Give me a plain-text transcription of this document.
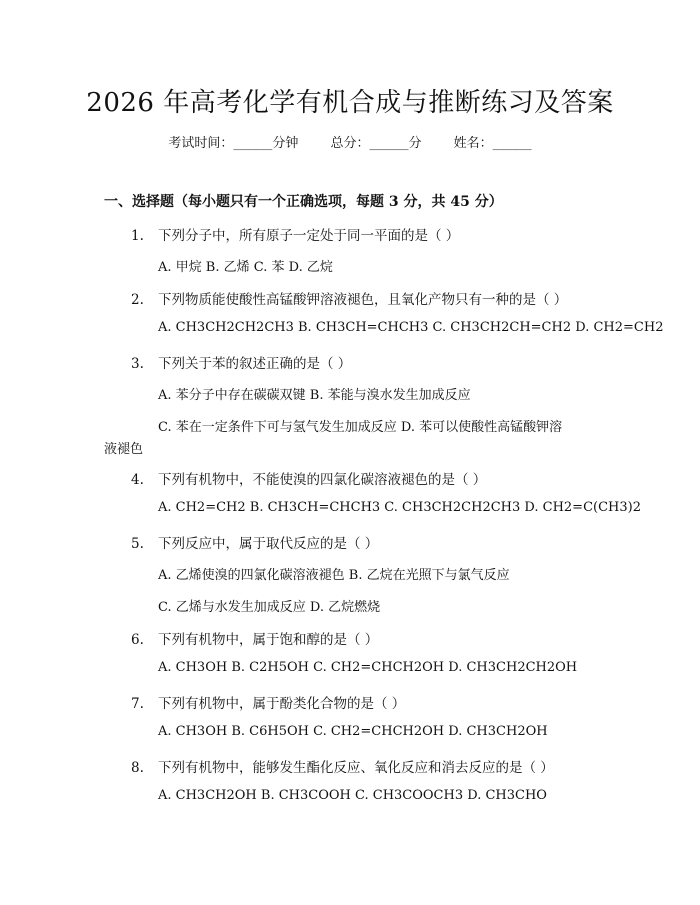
2026 年高考化学有机合成与推断练习及答案
考试时间：______分钟 总分：______分 姓名：______
一、选择题（每小题只有一个正确选项，每题 3 分，共 45 分）
1. 下列分子中，所有原子一定处于同一平面的是（ ）
A. 甲烷 B. 乙烯 C. 苯 D. 乙烷
2. 下列物质能使酸性高锰酸钾溶液褪色，且氧化产物只有一种的是（ ）
A. CH3CH2CH2CH3 B. CH3CH=CHCH3 C. CH3CH2CH=CH2 D. CH2=CH2
3. 下列关于苯的叙述正确的是（ ）
A. 苯分子中存在碳碳双键 B. 苯能与溴水发生加成反应
C. 苯在一定条件下可与氢气发生加成反应 D. 苯可以使酸性高锰酸钾溶
液褪色
4. 下列有机物中，不能使溴的四氯化碳溶液褪色的是（ ）
A. CH2=CH2 B. CH3CH=CHCH3 C. CH3CH2CH2CH3 D. CH2=C(CH3)2
5. 下列反应中，属于取代反应的是（ ）
A. 乙烯使溴的四氯化碳溶液褪色 B. 乙烷在光照下与氯气反应
C. 乙烯与水发生加成反应 D. 乙烷燃烧
6. 下列有机物中，属于饱和醇的是（ ）
A. CH3OH B. C2H5OH C. CH2=CHCH2OH D. CH3CH2CH2OH
7. 下列有机物中，属于酚类化合物的是（ ）
A. CH3OH B. C6H5OH C. CH2=CHCH2OH D. CH3CH2OH
8. 下列有机物中，能够发生酯化反应、氧化反应和消去反应的是（ ）
A. CH3CH2OH B. CH3COOH C. CH3COOCH3 D. CH3CHO
